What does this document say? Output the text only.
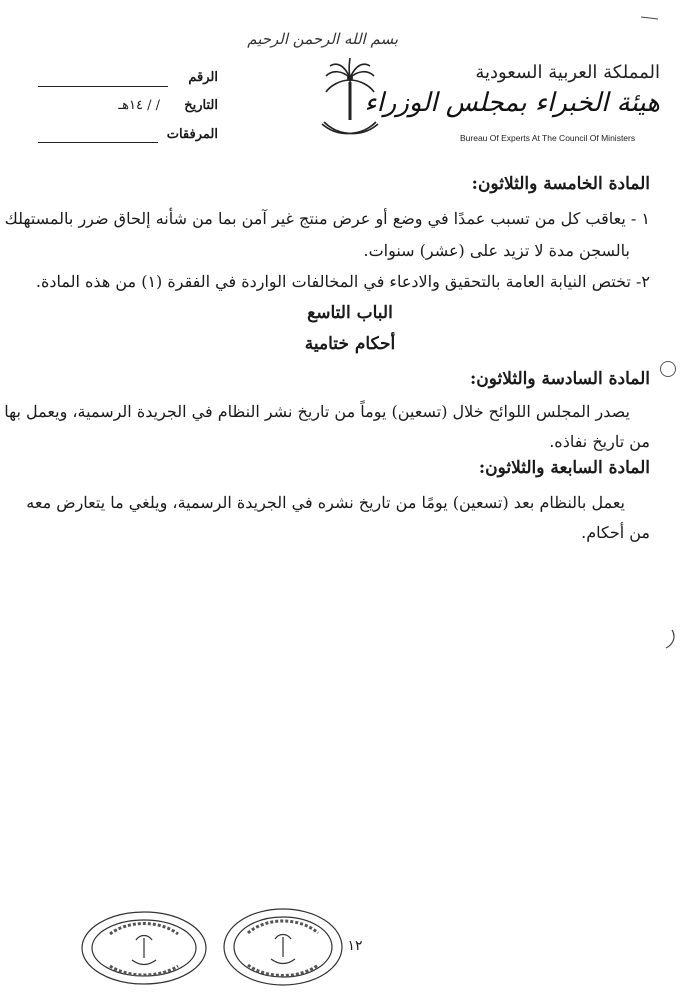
بسم الله الرحمن الرحيم
المملكة العربية السعودية
هيئة الخبراء بمجلس الوزراء
Bureau Of Experts At The Council Of Ministers
الرقم
التاريخ
/ / ١٤هـ
المرفقات
المادة الخامسة والثلاثون:
١ - يعاقب كل من تسبب عمدًا في وضع أو عرض منتج غير آمن بما من شأنه إلحاق ضرر بالمستهلك
بالسجن مدة لا تزيد على (عشر) سنوات.
٢- تختص النيابة العامة بالتحقيق والادعاء في المخالفات الواردة في الفقرة (١) من هذه المادة.
الباب التاسع
أحكام ختامية
المادة السادسة والثلاثون:
يصدر المجلس اللوائح خلال (تسعين) يوماً من تاريخ نشر النظام في الجريدة الرسمية، ويعمل بها
من تاريخ نفاذه.
المادة السابعة والثلاثون:
يعمل بالنظام بعد (تسعين) يومًا من تاريخ نشره في الجريدة الرسمية، ويلغي ما يتعارض معه
من أحكام.
١٢
